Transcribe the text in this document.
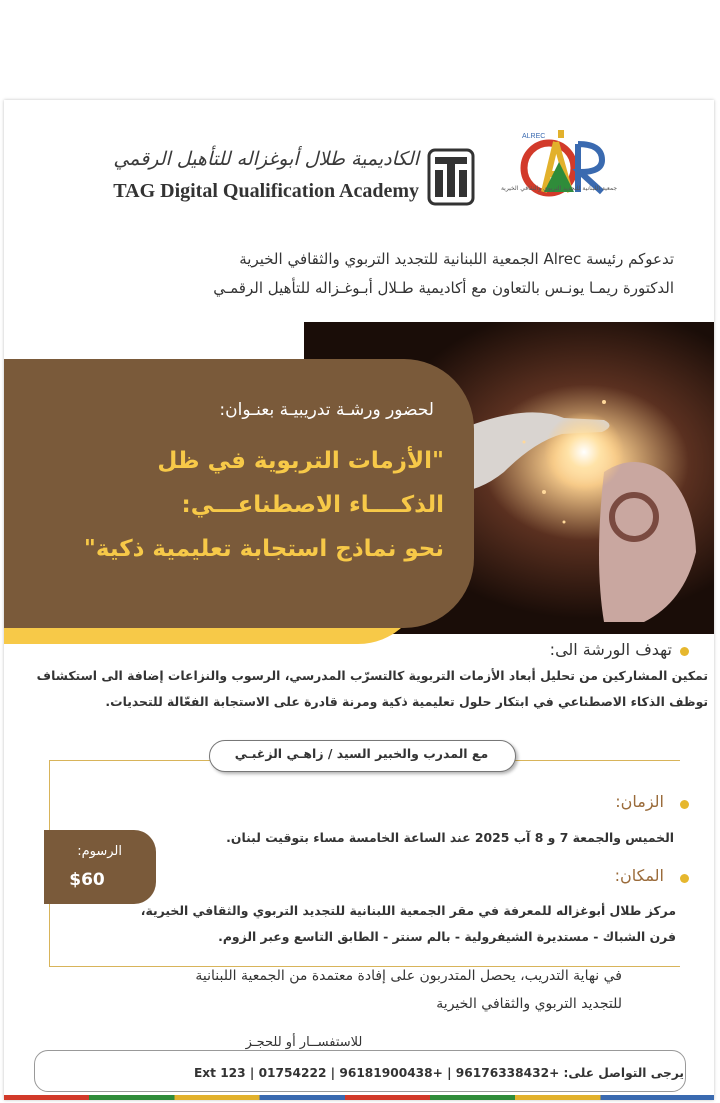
الكاديمية طلال أبوغزاله للتأهيل الرقمي
TAG Digital Qualification Academy
ALREC
جمعية اللبنانية للتجديد التربوي والثقافي الخيرية
تدعوكم رئيسة Alrec الجمعية اللبنانية للتجديد التربوي والثقافي الخيرية
الدكتورة ريمـا يونـس بالتعاون مع أكاديمية طـلال أبـوغـزاله للتأهيل الرقمـي
لحضور ورشـة تدريبيـة بعنـوان:
"الأزمات التربوية في ظل
الذكــــاء الاصطناعـــي:
نحو نماذج استجابة تعليمية ذكية"
تهدف الورشة الى:
تمكين المشاركين من تحليل أبعاد الأزمات التربوية كالتسرّب المدرسي، الرسوب والنزاعات إضافة الى استكشاف
توظف الذكاء الاصطناعي في ابتكار حلول تعليمية ذكية ومرنة قادرة على الاستجابة الفعّالة للتحديات.
مع المدرب والخبير السيد / زاهـي الزغبـي
الزمان:
الخميس والجمعة 7 و 8 آب 2025 عند الساعة الخامسة مساء بتوقيت لبنان.
الرسوم:
$60	المكان:
مركز طلال أبوغزاله للمعرفة في مقر الجمعية اللبنانية للتجديد التربوي والثقافي الخيرية،
فرن الشباك - مستديرة الشيفرولية - بالم سنتر - الطابق التاسع وعبر الزوم.
في نهاية التدريب، يحصل المتدربون على إفادة معتمدة من الجمعية اللبنانية
للتجديد التربوي والثقافي الخيرية
للاستفســار أو للحجـز
يرجى التواصل على: +96176338432 | +96181900438 | 01754222 | Ext 123
